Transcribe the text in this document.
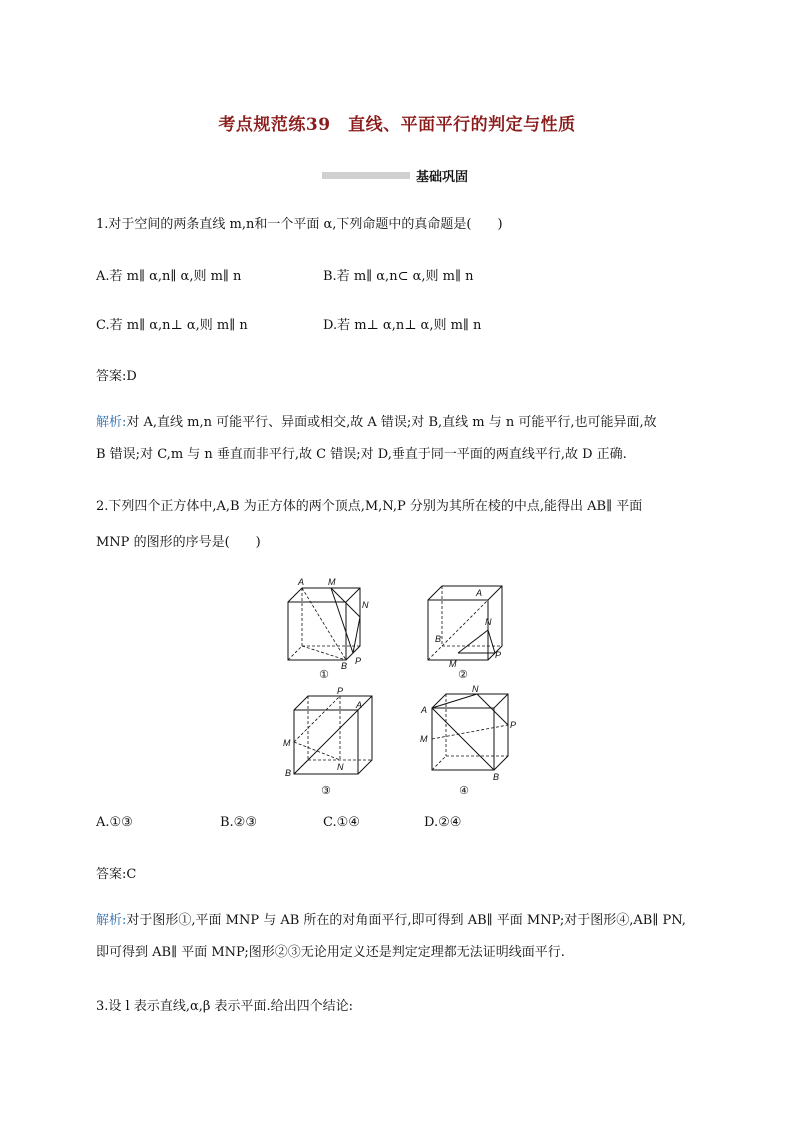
考点规范练39　直线、平面平行的判定与性质
基础巩固
1.对于空间的两条直线 m,n和一个平面 α,下列命题中的真命题是(　　)
A.若 m∥ α,n∥ α,则 m∥ n	B.若 m∥ α,n⊂ α,则 m∥ n
C.若 m∥ α,n⊥ α,则 m∥ n	D.若 m⊥ α,n⊥ α,则 m∥ n
答案:D
解析:对 A,直线 m,n 可能平行、异面或相交,故 A 错误;对 B,直线 m 与 n 可能平行,也可能异面,故
B 错误;对 C,m 与 n 垂直而非平行,故 C 错误;对 D,垂直于同一平面的两直线平行,故 D 正确.
2.下列四个正方体中,A,B 为正方体的两个顶点,M,N,P 分别为其所在棱的中点,能得出 AB∥ 平面
MNP 的图形的序号是(　　)
A	M
N
B P
①
A
N
B
M
P
②
P
A
M
B
N
③
N
A
M
P
B
④
A.①③	B.②③	C.①④	D.②④
答案:C
解析:对于图形①,平面 MNP 与 AB 所在的对角面平行,即可得到 AB∥ 平面 MNP;对于图形④,AB∥ PN,
即可得到 AB∥ 平面 MNP;图形②③无论用定义还是判定定理都无法证明线面平行.
3.设 l 表示直线,α,β 表示平面.给出四个结论:
